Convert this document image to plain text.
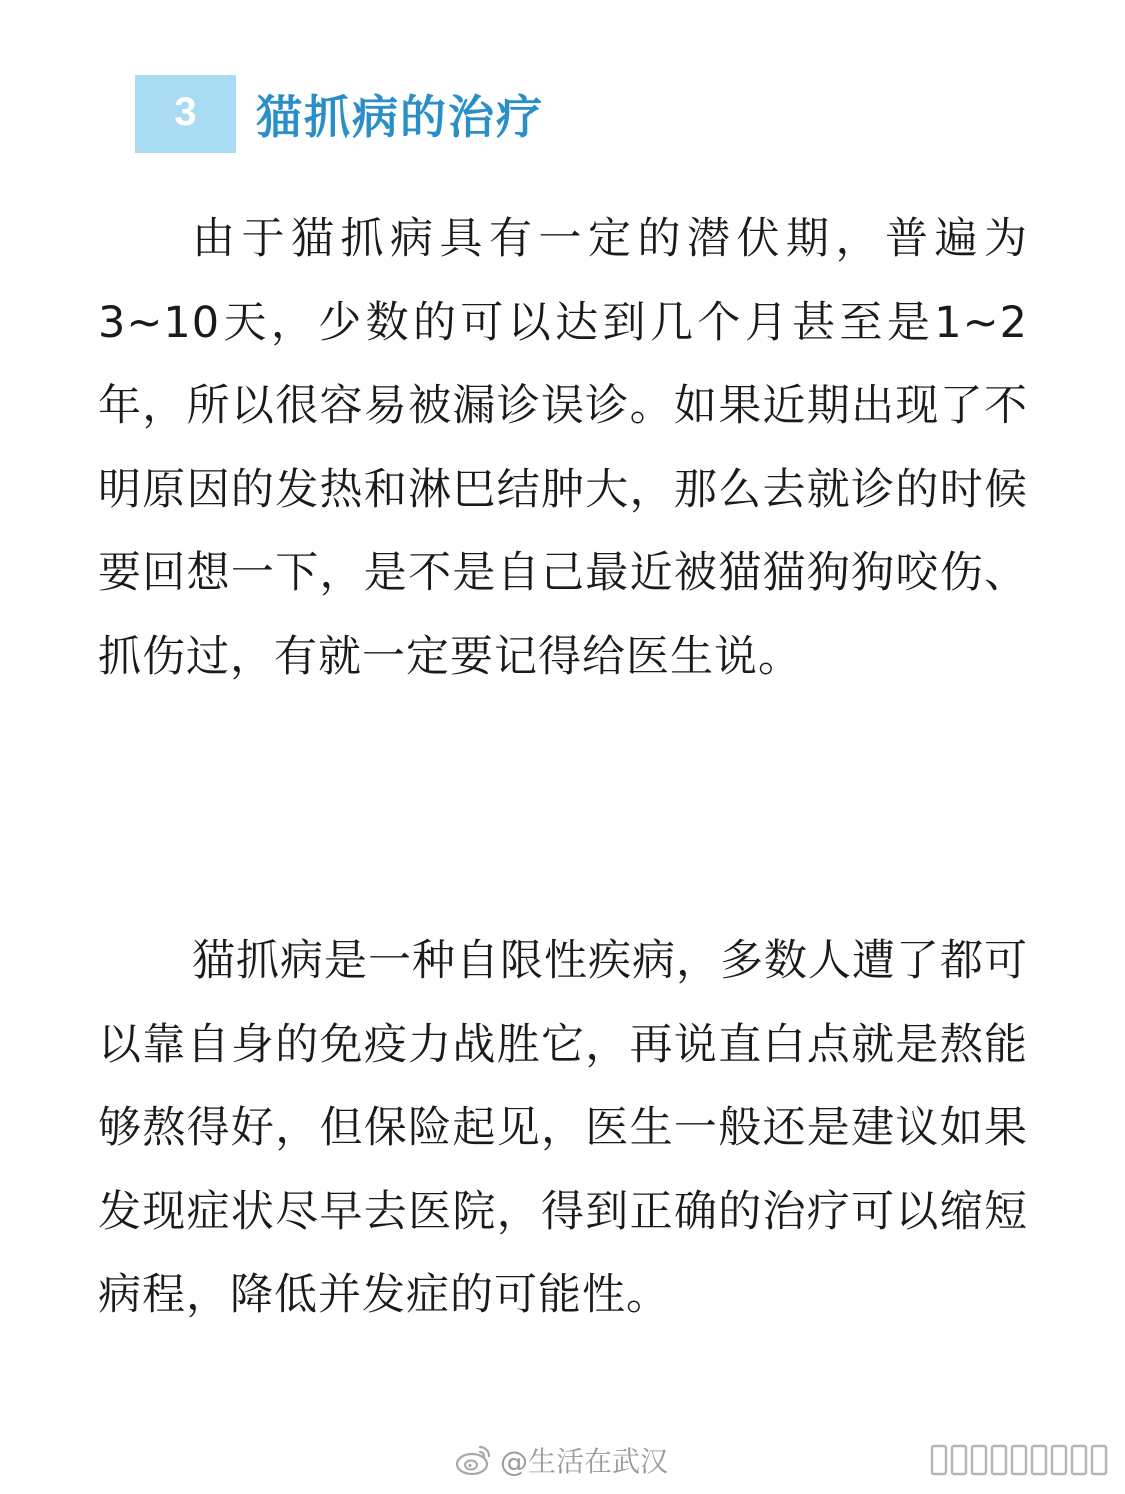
3	猫抓病的治疗

由于猫抓病具有一定的潜伏期，普遍为3~10天，少数的可以达到几个月甚至是1~2年，所以很容易被漏诊误诊。如果近期出现了不明原因的发热和淋巴结肿大，那么去就诊的时候要回想一下，是不是自己最近被猫猫狗狗咬伤、抓伤过，有就一定要记得给医生说。

猫抓病是一种自限性疾病，多数人遭了都可以靠自身的免疫力战胜它，再说直白点就是熬能够熬得好，但保险起见，医生一般还是建议如果发现症状尽早去医院，得到正确的治疗可以缩短病程，降低并发症的可能性。

@生活在武汉
